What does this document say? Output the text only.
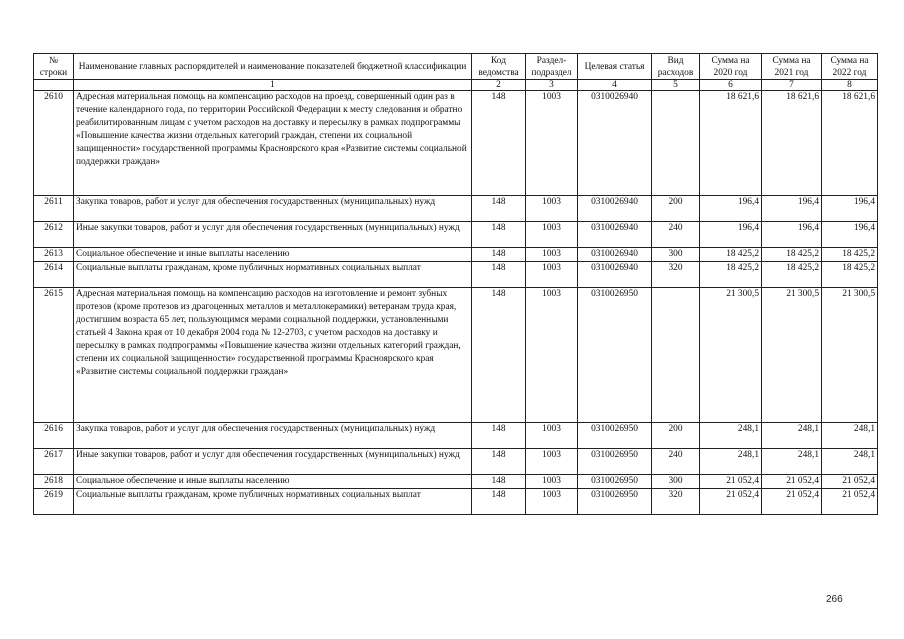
№ строки	Наименование главных распорядителей и наименование показателей бюджетной классификации	Код ведомства	Раздел-подраздел	Целевая статья	Вид расходов	Сумма на 2020 год	Сумма на 2021 год	Сумма на 2022 год
	1	2	3	4	5	6	7	8
2610	Адресная материальная помощь на компенсацию расходов на проезд, совершенный один раз в течение календарного года, по территории Российской Федерации к месту следования и обратно реабилитированным лицам с учетом расходов на доставку и пересылку в рамках подпрограммы «Повышение качества жизни отдельных категорий граждан, степени их социальной защищенности» государственной программы Красноярского края «Развитие системы социальной поддержки граждан»	148	1003	0310026940		18 621,6	18 621,6	18 621,6
2611	Закупка товаров, работ и услуг для обеспечения государственных (муниципальных) нужд	148	1003	0310026940	200	196,4	196,4	196,4
2612	Иные закупки товаров, работ и услуг для обеспечения государственных (муниципальных) нужд	148	1003	0310026940	240	196,4	196,4	196,4
2613	Социальное обеспечение и иные выплаты населению	148	1003	0310026940	300	18 425,2	18 425,2	18 425,2
2614	Социальные выплаты гражданам, кроме публичных нормативных социальных выплат	148	1003	0310026940	320	18 425,2	18 425,2	18 425,2
2615	Адресная материальная помощь на компенсацию расходов на изготовление и ремонт зубных протезов (кроме протезов из драгоценных металлов и металлокерамики) ветеранам труда края, достигшим возраста 65 лет, пользующимся мерами социальной поддержки, установленными статьей 4 Закона края от 10 декабря 2004 года № 12-2703, с учетом расходов на доставку и пересылку в рамках подпрограммы «Повышение качества жизни отдельных категорий граждан, степени их социальной защищенности» государственной программы Красноярского края «Развитие системы социальной поддержки граждан»	148	1003	0310026950		21 300,5	21 300,5	21 300,5
2616	Закупка товаров, работ и услуг для обеспечения государственных (муниципальных) нужд	148	1003	0310026950	200	248,1	248,1	248,1
2617	Иные закупки товаров, работ и услуг для обеспечения государственных (муниципальных) нужд	148	1003	0310026950	240	248,1	248,1	248,1
2618	Социальное обеспечение и иные выплаты населению	148	1003	0310026950	300	21 052,4	21 052,4	21 052,4
2619	Социальные выплаты гражданам, кроме публичных нормативных социальных выплат	148	1003	0310026950	320	21 052,4	21 052,4	21 052,4
266
